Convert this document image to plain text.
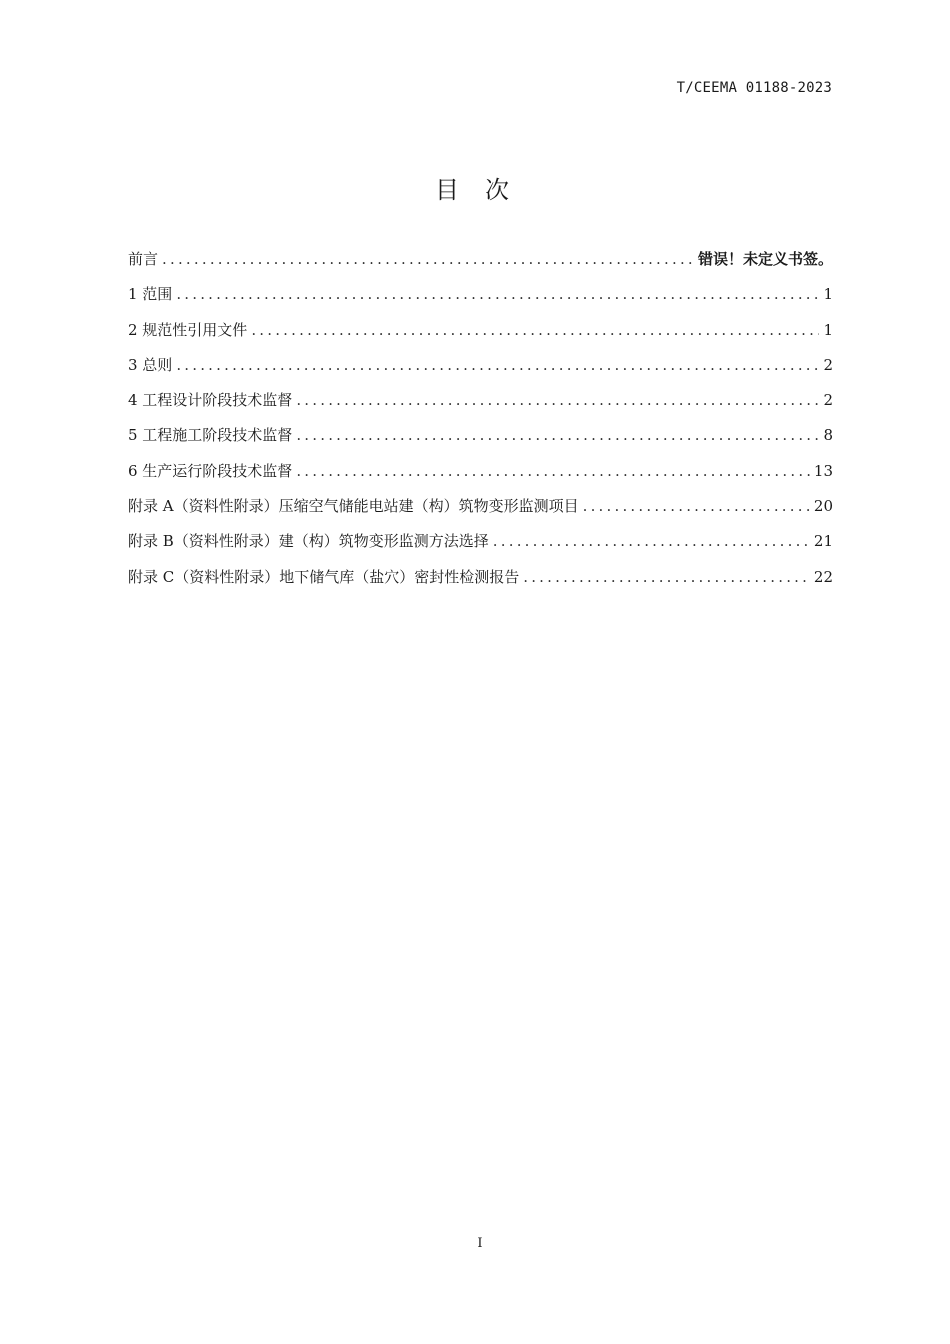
T/CEEMA 01188-2023
目次
前言 .....	错误！未定义书签。
1 范围 .....	1
2 规范性引用文件 .....	1
3 总则 .....	2
4 工程设计阶段技术监督 .....	2
5 工程施工阶段技术监督 .....	8
6 生产运行阶段技术监督 .....	13
附录 A（资料性附录）压缩空气储能电站建（构）筑物变形监测项目 .....	20
附录 B（资料性附录）建（构）筑物变形监测方法选择 .....	21
附录 C（资料性附录）地下储气库（盐穴）密封性检测报告 .....	22
I
